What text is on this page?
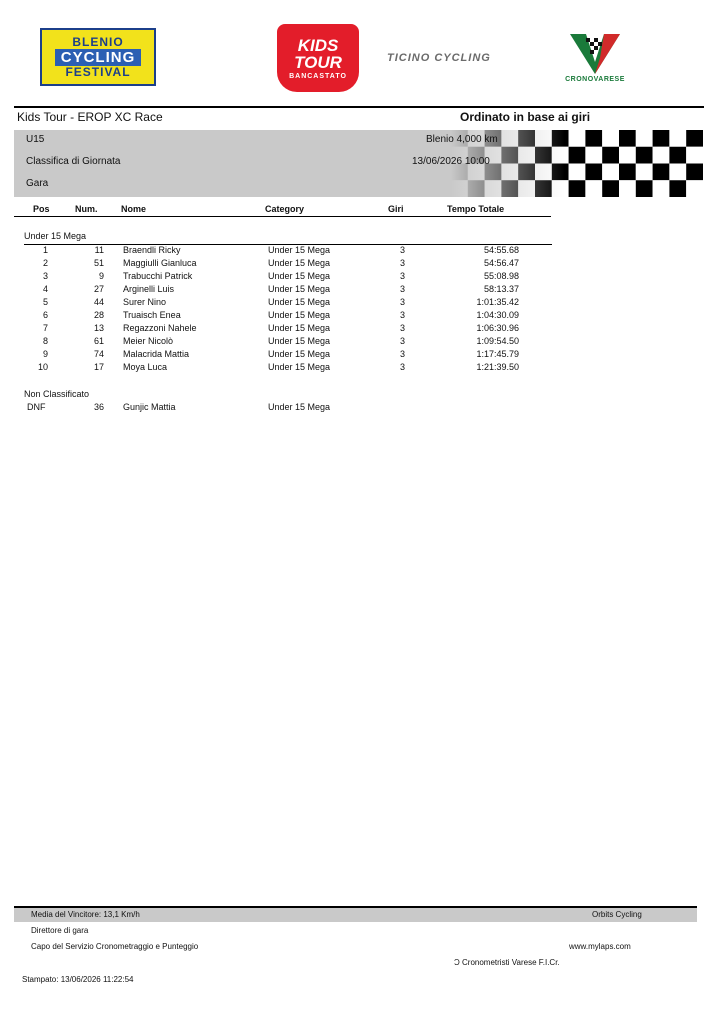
BLENIO
CYCLING
FESTIVAL
KIDS
TOUR
BANCASTATO
TICINO CYCLING
CRONOVARESE
Kids Tour - EROP XC Race	Ordinato in base ai giri
U15
Classifica di Giornata
Gara
Blenio 4,000 km
13/06/2026 10:00
Pos	Num.	Nome	Category	Giri	Tempo Totale
Under 15 Mega
1	11 Braendli Ricky	Under 15 Mega	3	54:55.68
2	51 Maggiulli Gianluca	Under 15 Mega	3	54:56.47
3	9 Trabucchi Patrick	Under 15 Mega	3	55:08.98
4	27 Arginelli Luis	Under 15 Mega	3	58:13.37
5	44 Surer Nino	Under 15 Mega	3	1:01:35.42
6	28 Truaisch Enea	Under 15 Mega	3	1:04:30.09
7	13 Regazzoni Nahele	Under 15 Mega	3	1:06:30.96
8	61 Meier Nicolò	Under 15 Mega	3	1:09:54.50
9	74 Malacrida Mattia	Under 15 Mega	3	1:17:45.79
10	17 Moya Luca	Under 15 Mega	3	1:21:39.50
Non Classificato
DNF	36 Gunjic Mattia	Under 15 Mega
Media del Vincitore: 13,1 Km/h	Orbits Cycling
Direttore di gara
Capo del Servizio Cronometraggio e Punteggio	www.mylaps.com
Ɔ Cronometristi Varese F.I.Cr.
Stampato: 13/06/2026 11:22:54
